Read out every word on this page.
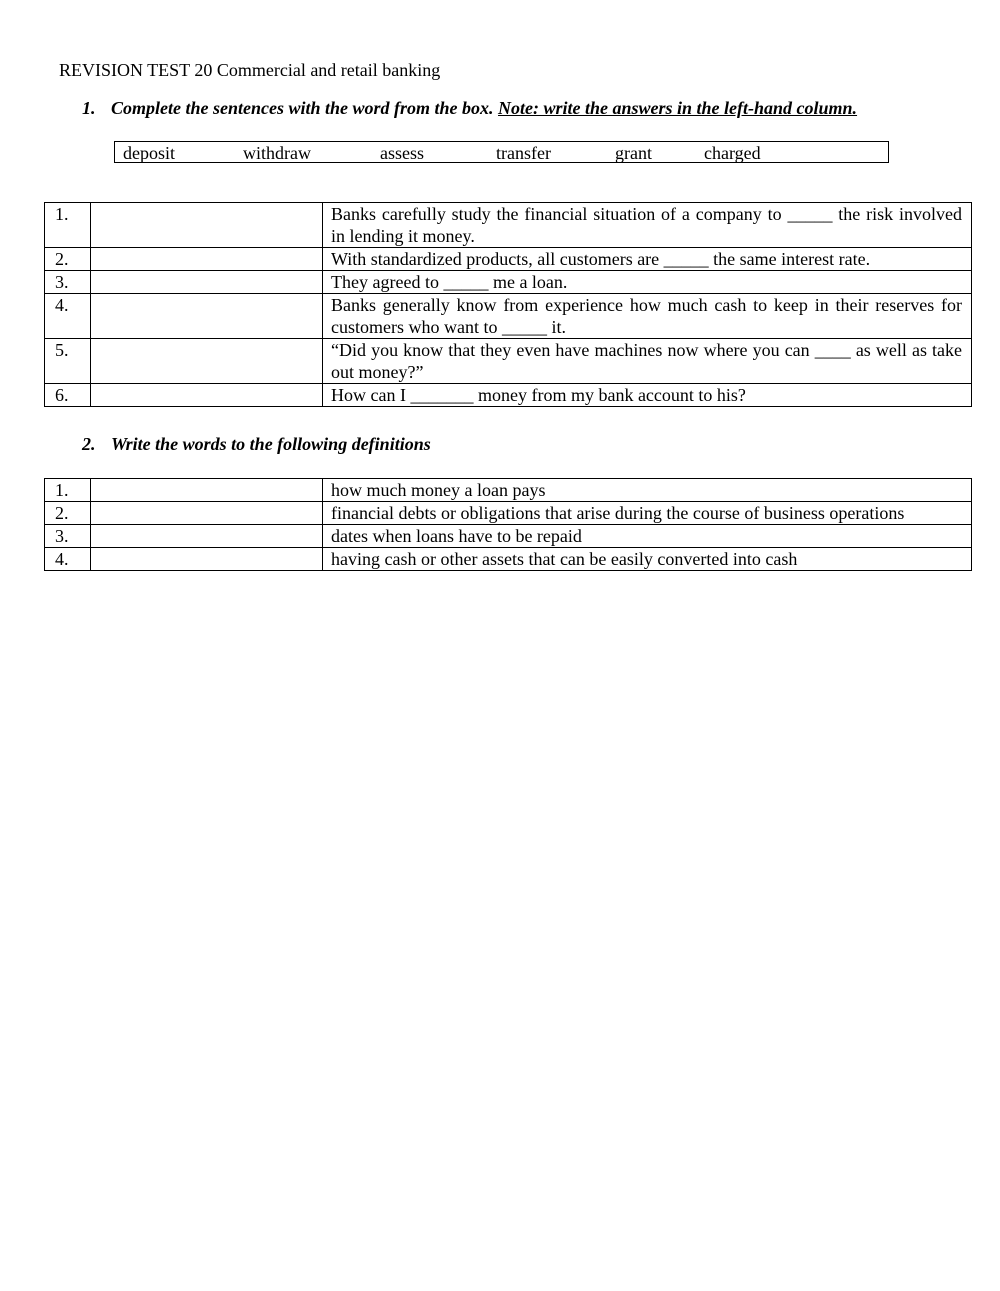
REVISION TEST 20 Commercial and retail banking
1. Complete the sentences with the word from the box. Note: write the answers in the left-hand column.
deposit	withdraw	assess	transfer	grant	charged
1.		Banks carefully study the financial situation of a company to _____ the risk involved in lending it money.
2.		With standardized products, all customers are _____ the same interest rate.
3.		They agreed to _____ me a loan.
4.		Banks generally know from experience how much cash to keep in their reserves for customers who want to _____ it.
5.		“Did you know that they even have machines now where you can ____ as well as take out money?”
6.		How can I _______ money from my bank account to his?
2. Write the words to the following definitions
1.		how much money a loan pays
2.		financial debts or obligations that arise during the course of business operations
3.		dates when loans have to be repaid
4.		having cash or other assets that can be easily converted into cash
